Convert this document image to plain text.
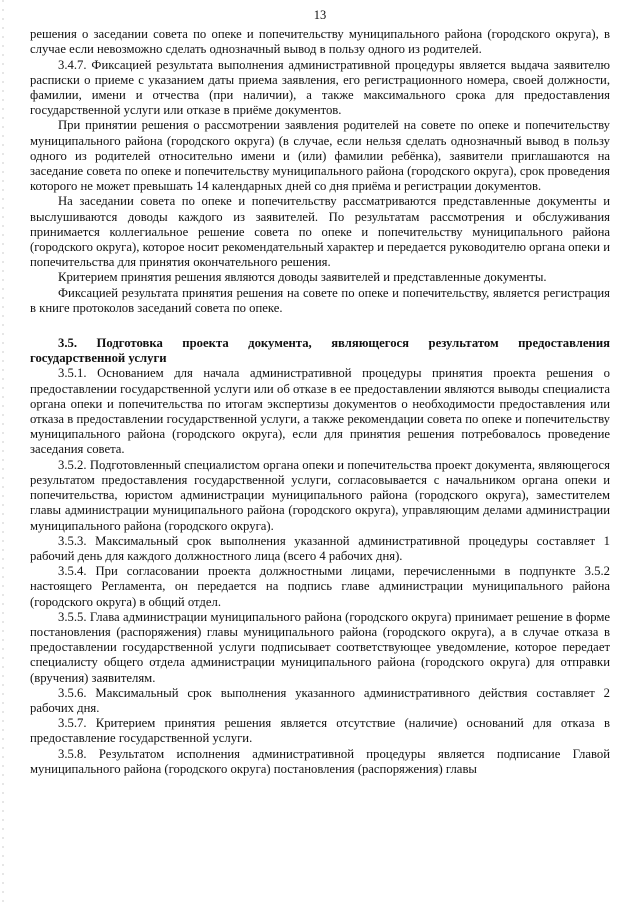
13

решения о заседании совета по опеке и попечительству муниципального района (городского округа), в случае если невозможно сделать однозначный вывод в пользу одного из родителей.

3.4.7. Фиксацией результата выполнения административной процедуры является выдача заявителю расписки о приеме с указанием даты приема заявления, его регистрационного номера, своей должности, фамилии, имени и отчества (при наличии), а также максимального срока для предоставления государственной услуги или отказе в приёме документов.

При принятии решения о рассмотрении заявления родителей на совете по опеке и попечительству муниципального района (городского округа) (в случае, если нельзя сделать однозначный вывод в пользу одного из родителей относительно имени и (или) фамилии ребёнка), заявители приглашаются на заседание совета по опеке и попечительству муниципального района (городского округа), срок проведения которого не может превышать 14 календарных дней со дня приёма и регистрации документов.

На заседании совета по опеке и попечительству рассматриваются представленные документы и выслушиваются доводы каждого из заявителей. По результатам рассмотрения и обслуживания принимается коллегиальное решение совета по опеке и попечительству муниципального района (городского округа), которое носит рекомендательный характер и передается руководителю органа опеки и попечительства для принятия окончательного решения.

Критерием принятия решения являются доводы заявителей и представленные документы.

Фиксацией результата принятия решения на совете по опеке и попечительству, является регистрация в книге протоколов заседаний совета по опеке.

3.5. Подготовка проекта документа, являющегося результатом предоставления государственной услуги

3.5.1. Основанием для начала административной процедуры принятия проекта решения о предоставлении государственной услуги или об отказе в ее предоставлении являются выводы специалиста органа опеки и попечительства по итогам экспертизы документов о необходимости предоставления или отказа в предоставлении государственной услуги, а также рекомендации совета по опеке и попечительству муниципального района (городского округа), если для принятия решения потребовалось проведение заседания совета.

3.5.2. Подготовленный специалистом органа опеки и попечительства проект документа, являющегося результатом предоставления государственной услуги, согласовывается с начальником органа опеки и попечительства, юристом администрации муниципального района (городского округа), заместителем главы администрации муниципального района (городского округа), управляющим делами администрации муниципального района (городского округа).

3.5.3. Максимальный срок выполнения указанной административной процедуры составляет 1 рабочий день для каждого должностного лица (всего 4 рабочих дня).

3.5.4. При согласовании проекта должностными лицами, перечисленными в подпункте 3.5.2 настоящего Регламента, он передается на подпись главе администрации муниципального района (городского округа) в общий отдел.

3.5.5. Глава администрации муниципального района (городского округа) принимает решение в форме постановления (распоряжения) главы муниципального района (городского округа), а в случае отказа в предоставлении государственной услуги подписывает соответствующее уведомление, которое передает специалисту общего отдела администрации муниципального района (городского округа) для отправки (вручения) заявителям.

3.5.6. Максимальный срок выполнения указанного административного действия составляет 2 рабочих дня.

3.5.7. Критерием принятия решения является отсутствие (наличие) оснований для отказа в предоставление государственной услуги.

3.5.8. Результатом исполнения административной процедуры является подписание Главой муниципального района (городского округа) постановления (распоряжения) главы
